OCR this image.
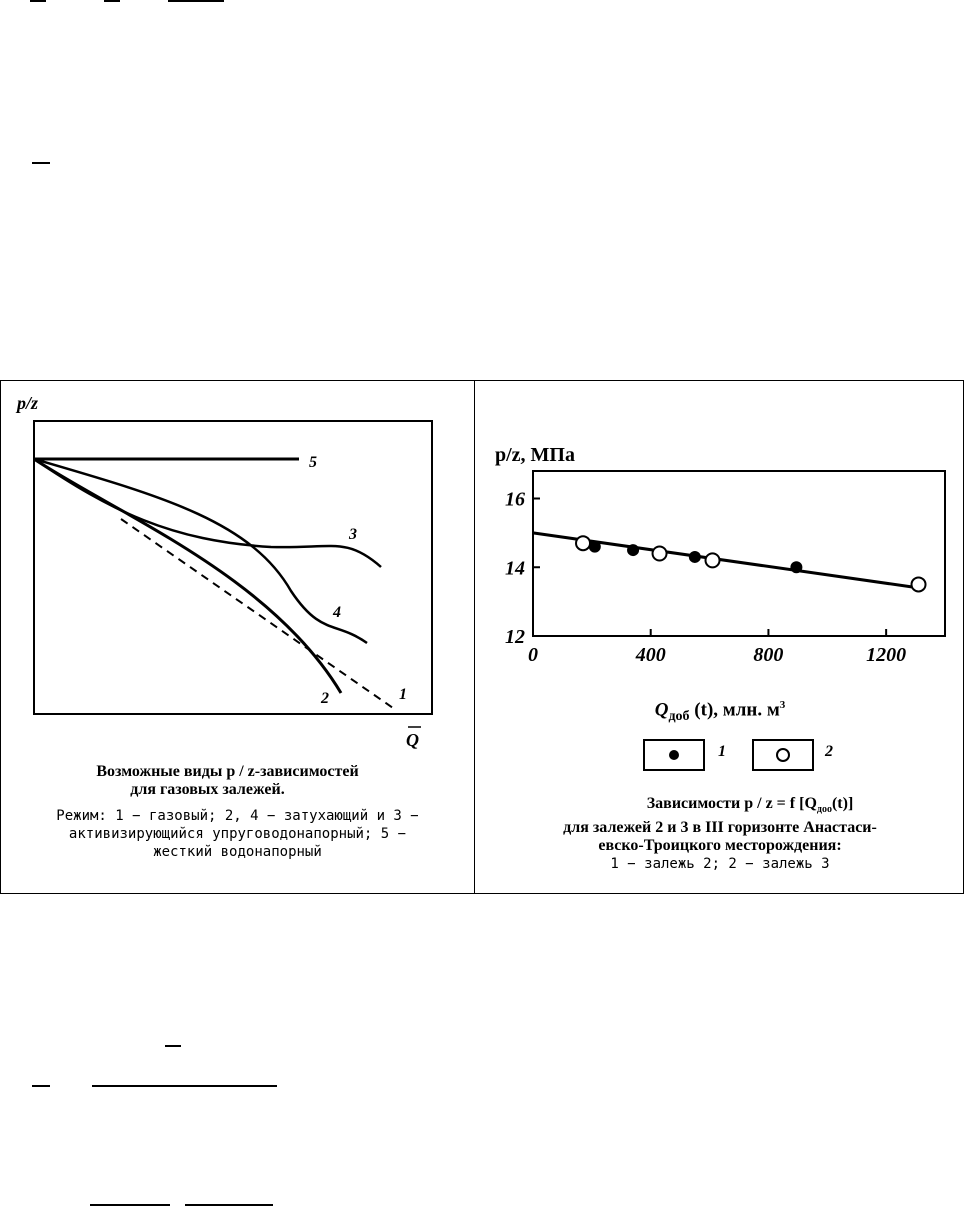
p/z
5
3
4
2	1
Q
Возможные виды p / z-зависимостей
для газовых залежей.
Режим: 1 − газовый; 2, 4 − затухающий и 3 −
активизирующийся упруговодонапорный; 5 −
жесткий водонапорный
p/z, МПа
0	400	800	1200
12
14
16
$Q_{доб}$ (t), млн. $м^3$
1	2
Зависимости p / z = f $[Q_{доо}(t)]$
для залежей 2 и 3 в III горизонте Анастаси-
евско-Троицкого месторождения:
1 − залежь 2; 2 − залежь 3
